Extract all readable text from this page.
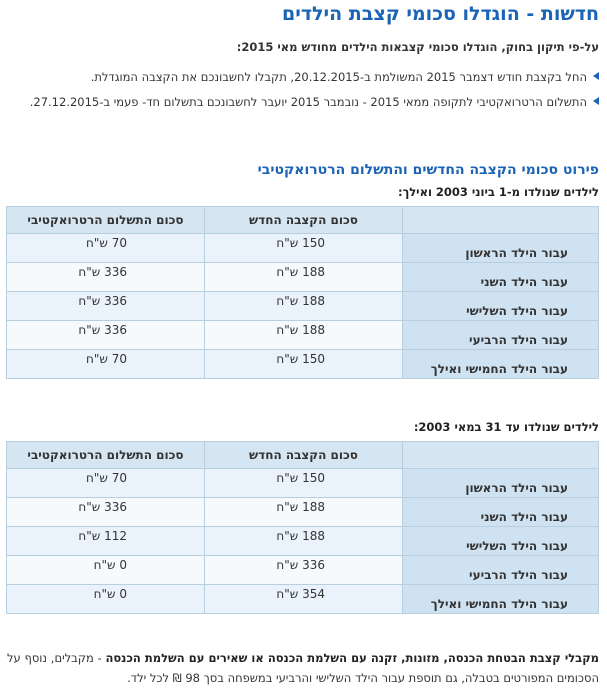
חדשות - הוגדלו סכומי קצבת הילדים

על-פי תיקון בחוק, הוגדלו סכומי קצבאות הילדים מחודש מאי 2015:

החל בקצבת חודש דצמבר 2015 המשולמת ב-20.12.2015, תקבלו לחשבונכם את הקצבה המוגדלת.
התשלום הרטרואקטיבי לתקופה ממאי 2015 - נובמבר 2015 יועבר לחשבונכם בתשלום חד- פעמי ב-27.12.2015.
פירוט סכומי הקצבה החדשים והתשלום הרטרואקטיבי

לילדים שנולדו מ-1 ביוני 2003 ואילך:

	סכום הקצבה החדש	סכום התשלום הרטרואקטיבי
עבור הילד הראשון	150 ש"ח	70 ש"ח
עבור הילד השני	188 ש"ח	336 ש"ח
עבור הילד השלישי	188 ש"ח	336 ש"ח
עבור הילד הרביעי	188 ש"ח	336 ש"ח
עבור הילד החמישי ואילך	150 ש"ח	70 ש"ח

לילדים שנולדו עד 31 במאי 2003:

	סכום הקצבה החדש	סכום התשלום הרטרואקטיבי
עבור הילד הראשון	150 ש"ח	70 ש"ח
עבור הילד השני	188 ש"ח	336 ש"ח
עבור הילד השלישי	188 ש"ח	112 ש"ח
עבור הילד הרביעי	336 ש"ח	0 ש"ח
עבור הילד החמישי ואילך	354 ש"ח	0 ש"ח

מקבלי קצבת הבטחת הכנסה, מזונות, זקנה עם השלמת הכנסה או שאירים עם השלמת הכנסה - מקבלים, נוסף על הסכומים המפורטים בטבלה, גם תוספת עבור הילד השלישי והרביעי במשפחה בסך 98 ₪ לכל ילד.
